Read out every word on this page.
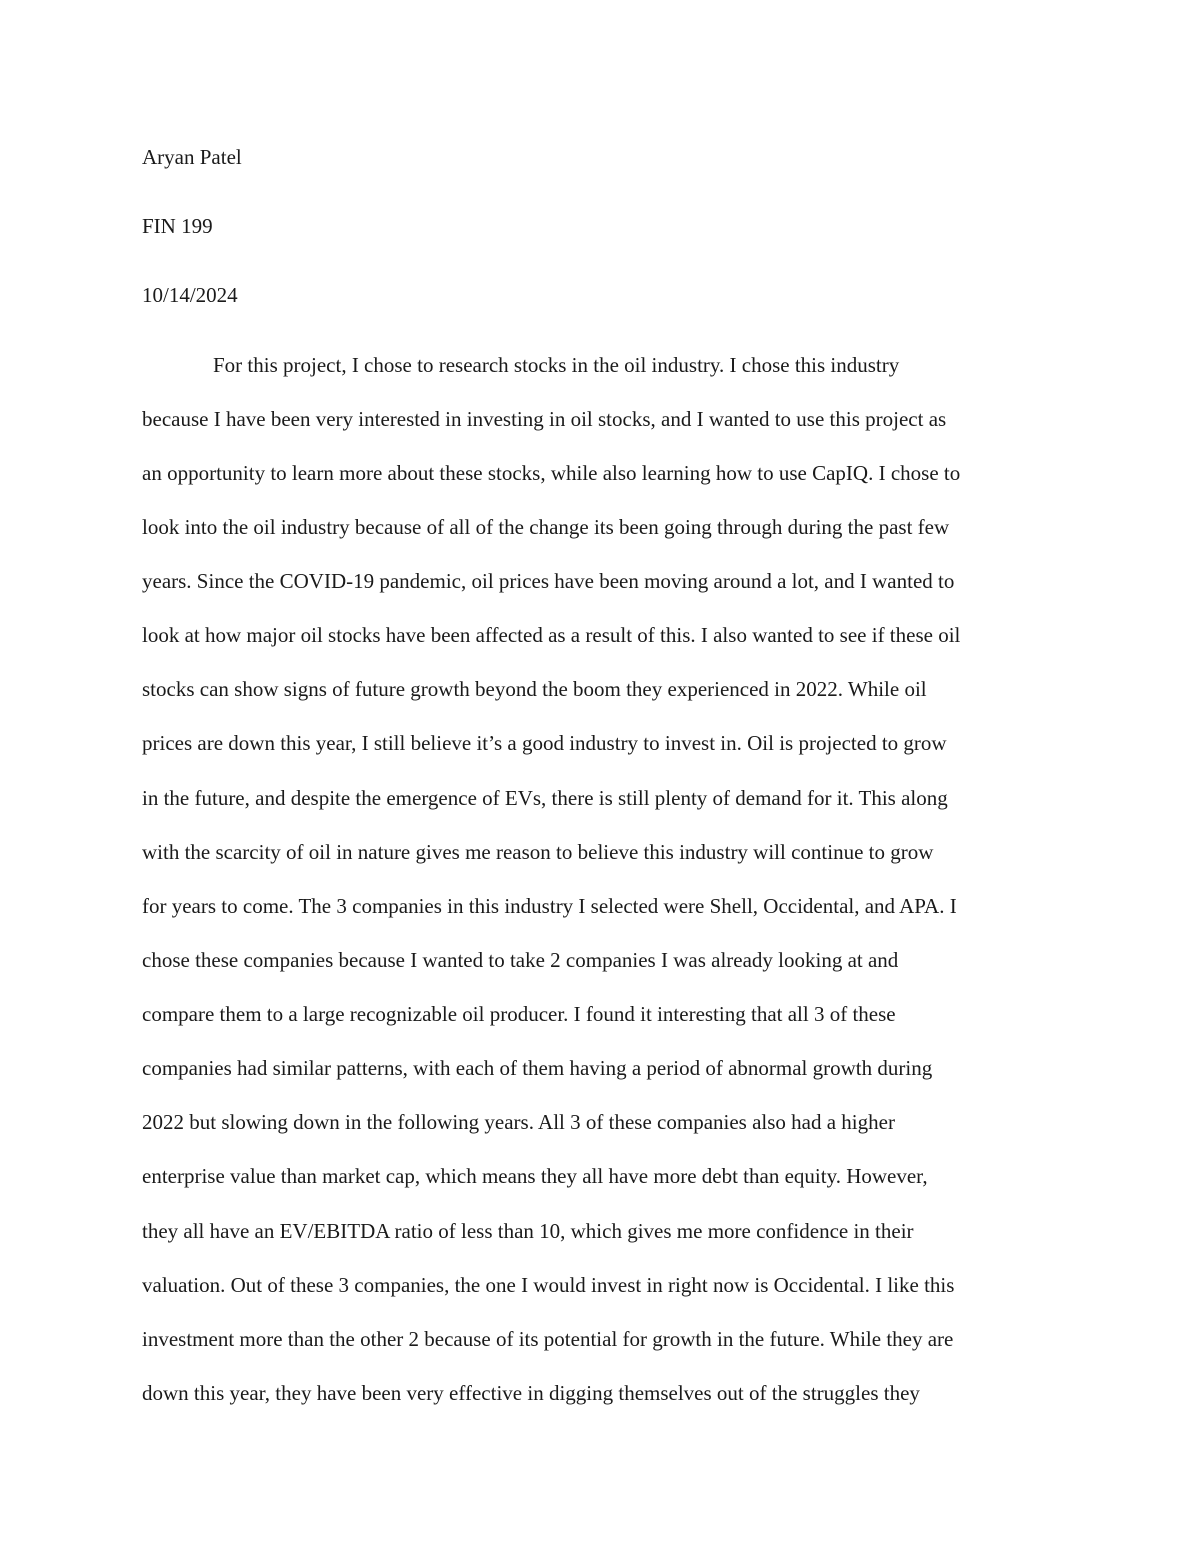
Aryan Patel
FIN 199
10/14/2024
For this project, I chose to research stocks in the oil industry. I chose this industry
because I have been very interested in investing in oil stocks, and I wanted to use this project as
an opportunity to learn more about these stocks, while also learning how to use CapIQ. I chose to
look into the oil industry because of all of the change its been going through during the past few
years. Since the COVID-19 pandemic, oil prices have been moving around a lot, and I wanted to
look at how major oil stocks have been affected as a result of this. I also wanted to see if these oil
stocks can show signs of future growth beyond the boom they experienced in 2022. While oil
prices are down this year, I still believe it’s a good industry to invest in. Oil is projected to grow
in the future, and despite the emergence of EVs, there is still plenty of demand for it. This along
with the scarcity of oil in nature gives me reason to believe this industry will continue to grow
for years to come. The 3 companies in this industry I selected were Shell, Occidental, and APA. I
chose these companies because I wanted to take 2 companies I was already looking at and
compare them to a large recognizable oil producer. I found it interesting that all 3 of these
companies had similar patterns, with each of them having a period of abnormal growth during
2022 but slowing down in the following years. All 3 of these companies also had a higher
enterprise value than market cap, which means they all have more debt than equity. However,
they all have an EV/EBITDA ratio of less than 10, which gives me more confidence in their
valuation. Out of these 3 companies, the one I would invest in right now is Occidental. I like this
investment more than the other 2 because of its potential for growth in the future. While they are
down this year, they have been very effective in digging themselves out of the struggles they
